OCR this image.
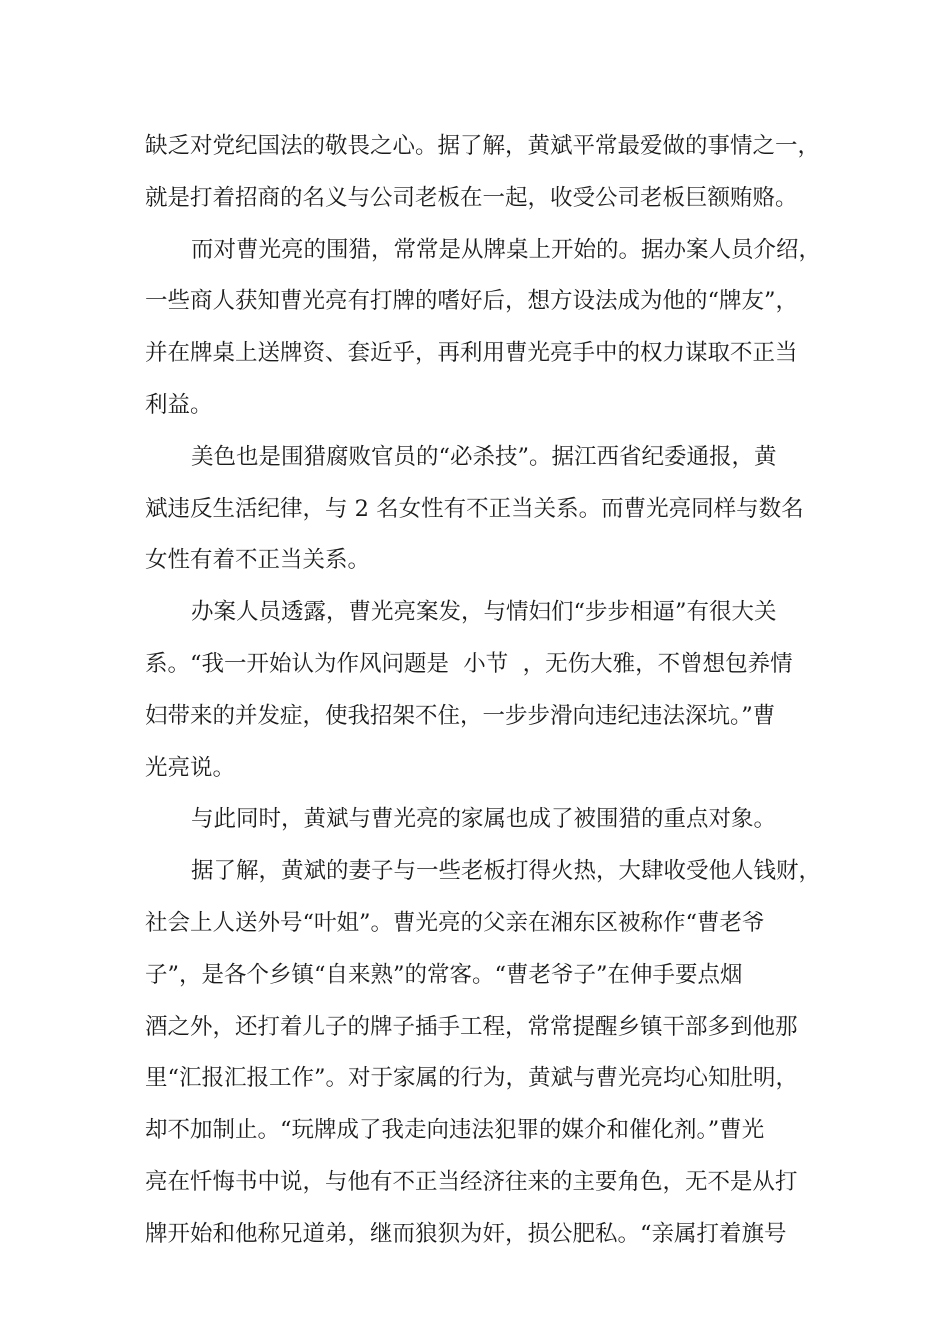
缺乏对党纪国法的敬畏之心。据了解，黄斌平常最爱做的事情之一，
就是打着招商的名义与公司老板在一起，收受公司老板巨额贿赂。
而对曹光亮的围猎，常常是从牌桌上开始的。据办案人员介绍，
一些商人获知曹光亮有打牌的嗜好后，想方设法成为他的“牌友”，
并在牌桌上送牌资、套近乎，再利用曹光亮手中的权力谋取不正当
利益。
美色也是围猎腐败官员的“必杀技”。据江西省纪委通报，黄
斌违反生活纪律，与 2 名女性有不正当关系。而曹光亮同样与数名
女性有着不正当关系。
办案人员透露，曹光亮案发，与情妇们“步步相逼”有很大关
系。“我一开始认为作风问题是  小节  ，无伤大雅，不曾想包养情
妇带来的并发症，使我招架不住，一步步滑向违纪违法深坑。”曹
光亮说。
与此同时，黄斌与曹光亮的家属也成了被围猎的重点对象。
据了解，黄斌的妻子与一些老板打得火热，大肆收受他人钱财，
社会上人送外号“叶姐”。曹光亮的父亲在湘东区被称作“曹老爷
子”，是各个乡镇“自来熟”的常客。“曹老爷子”在伸手要点烟
酒之外，还打着儿子的牌子插手工程，常常提醒乡镇干部多到他那
里“汇报汇报工作”。对于家属的行为，黄斌与曹光亮均心知肚明，
却不加制止。“玩牌成了我走向违法犯罪的媒介和催化剂。”曹光
亮在忏悔书中说，与他有不正当经济往来的主要角色，无不是从打
牌开始和他称兄道弟，继而狼狈为奸，损公肥私。“亲属打着旗号
